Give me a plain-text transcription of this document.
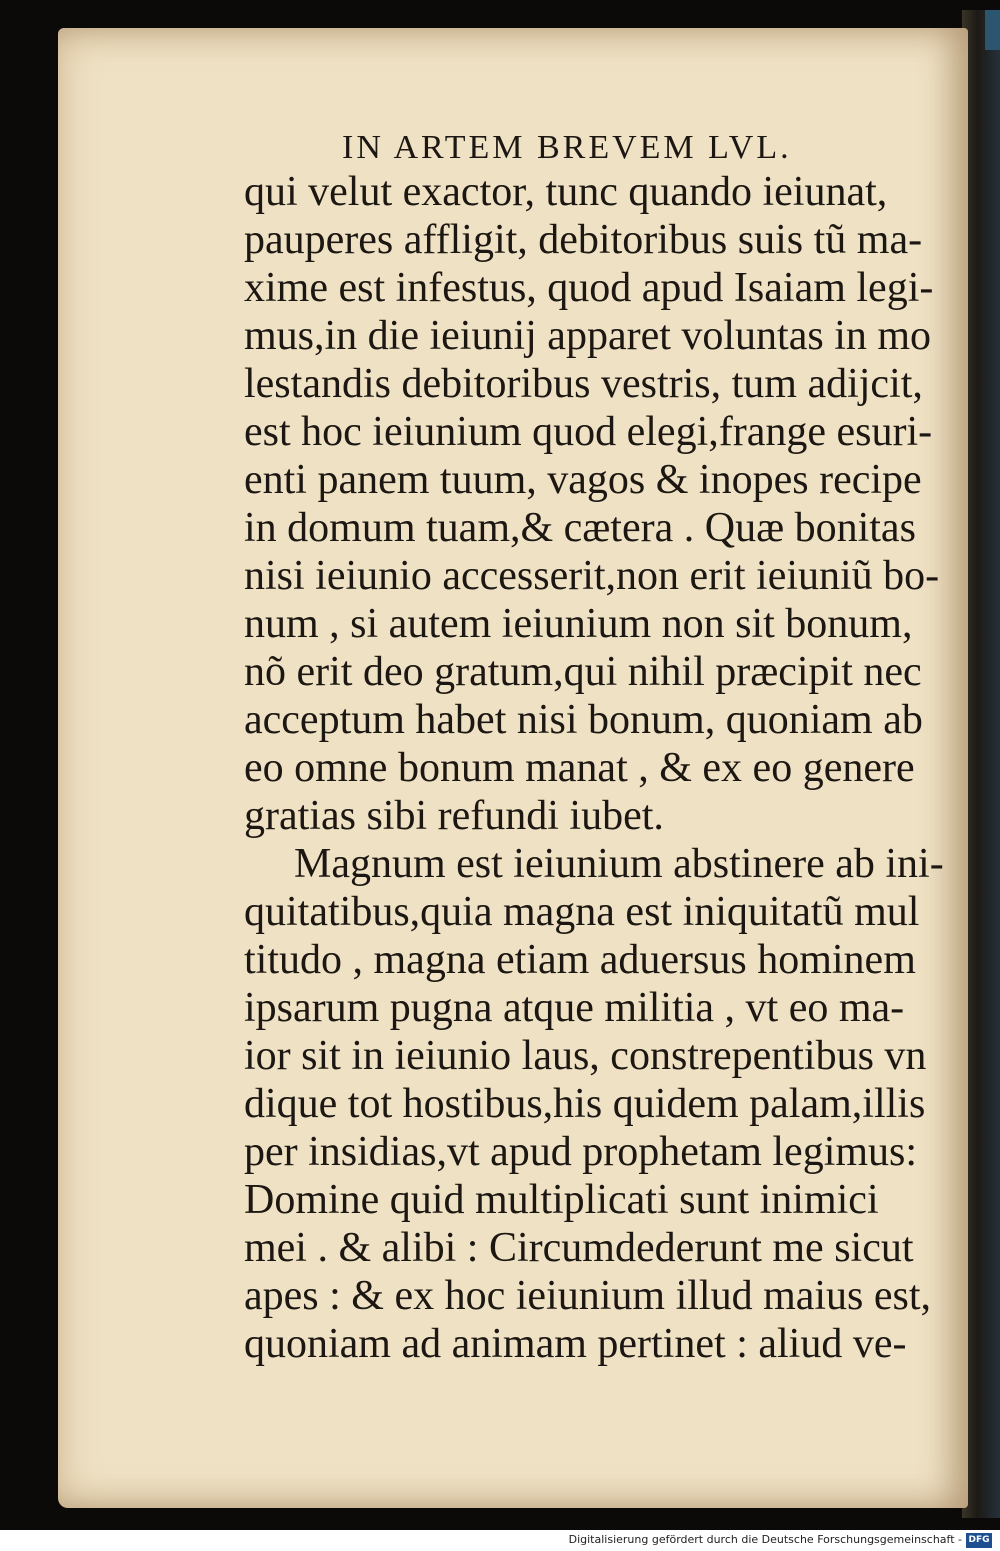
IN ARTEM BREVEM LVL.
qui velut exactor, tunc quando ieiunat,
pauperes affligit, debitoribus suis tũ ma-
xime est infestus, quod apud Isaiam legi-
mus,in die ieiunij apparet voluntas in mo
lestandis debitoribus vestris, tum adijcit,
est hoc ieiunium quod elegi,frange esuri-
enti panem tuum, vagos & inopes recipe
in domum tuam,& cætera . Quæ bonitas
nisi ieiunio accesserit,non erit ieiuniũ bo-
num , si autem ieiunium non sit bonum,
nõ erit deo gratum,qui nihil præcipit nec
acceptum habet nisi bonum, quoniam ab
eo omne bonum manat , & ex eo genere
gratias sibi refundi iubet.
Magnum est ieiunium abstinere ab ini-
quitatibus,quia magna est iniquitatũ mul
titudo , magna etiam aduersus hominem
ipsarum pugna atque militia , vt eo ma-
ior sit in ieiunio laus, constrepentibus vn
dique tot hostibus,his quidem palam,illis
per insidias,vt apud prophetam legimus:
Domine quid multiplicati sunt inimici
mei . & alibi : Circumdederunt me sicut
apes : & ex hoc ieiunium illud maius est,
quoniam ad animam pertinet : aliud ve-
Digitalisierung gefördert durch die Deutsche Forschungsgemeinschaft - DFG
